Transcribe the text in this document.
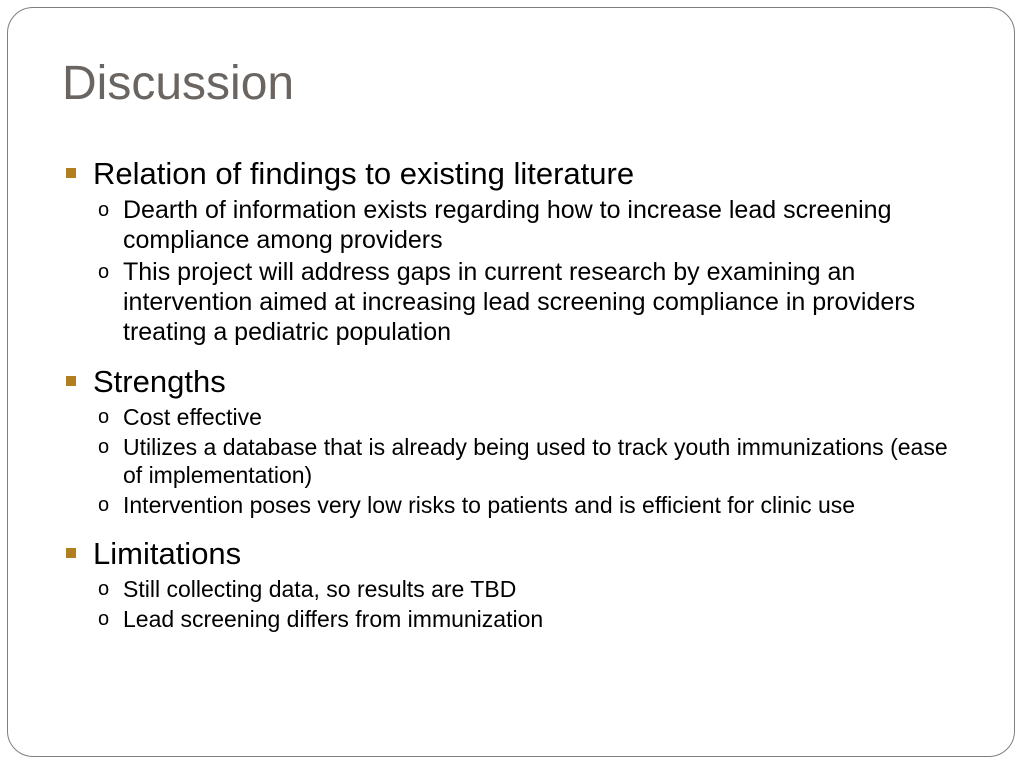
Discussion
Relation of findings to existing literature
o Dearth of information exists regarding how to increase lead screening compliance among providers
o This project will address gaps in current research by examining an intervention aimed at increasing lead screening compliance in providers treating a pediatric population
Strengths
o Cost effective
o Utilizes a database that is already being used to track youth immunizations (ease of implementation)
o Intervention poses very low risks to patients and is efficient for clinic use
Limitations
o Still collecting data, so results are TBD
o Lead screening differs from immunization
